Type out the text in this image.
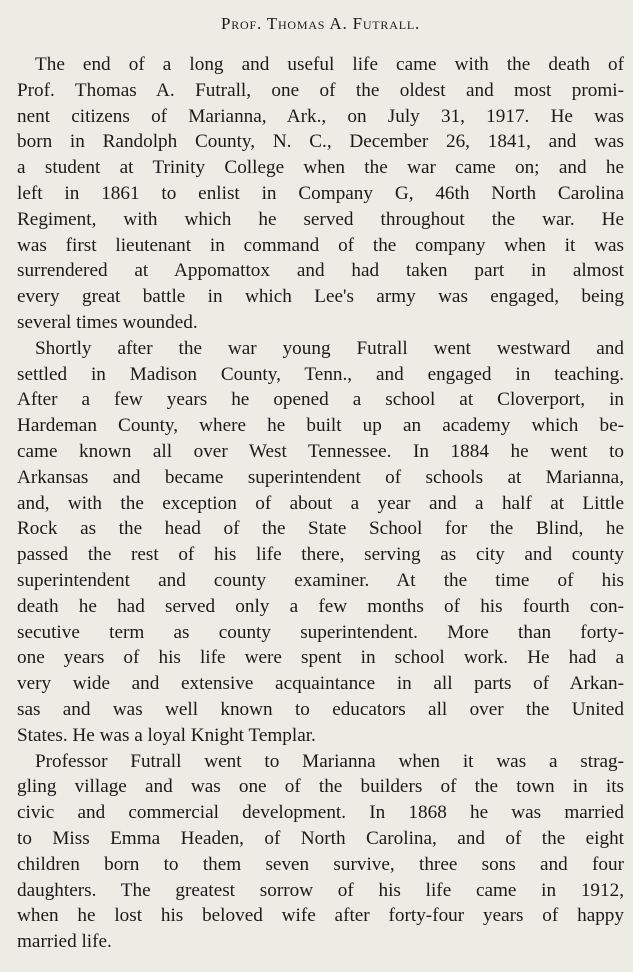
Prof. Thomas A. Futrall.
The end of a long and useful life came with the death of
Prof. Thomas A. Futrall, one of the oldest and most promi-
nent citizens of Marianna, Ark., on July 31, 1917. He was
born in Randolph County, N. C., December 26, 1841, and was
a student at Trinity College when the war came on; and he
left in 1861 to enlist in Company G, 46th North Carolina
Regiment, with which he served throughout the war. He
was first lieutenant in command of the company when it was
surrendered at Appomattox and had taken part in almost
every great battle in which Lee's army was engaged, being
several times wounded.
Shortly after the war young Futrall went westward and
settled in Madison County, Tenn., and engaged in teaching.
After a few years he opened a school at Cloverport, in
Hardeman County, where he built up an academy which be-
came known all over West Tennessee. In 1884 he went to
Arkansas and became superintendent of schools at Marianna,
and, with the exception of about a year and a half at Little
Rock as the head of the State School for the Blind, he
passed the rest of his life there, serving as city and county
superintendent and county examiner. At the time of his
death he had served only a few months of his fourth con-
secutive term as county superintendent. More than forty-
one years of his life were spent in school work. He had a
very wide and extensive acquaintance in all parts of Arkan-
sas and was well known to educators all over the United
States. He was a loyal Knight Templar.
Professor Futrall went to Marianna when it was a strag-
gling village and was one of the builders of the town in its
civic and commercial development. In 1868 he was married
to Miss Emma Headen, of North Carolina, and of the eight
children born to them seven survive, three sons and four
daughters. The greatest sorrow of his life came in 1912,
when he lost his beloved wife after forty-four years of happy
married life.
